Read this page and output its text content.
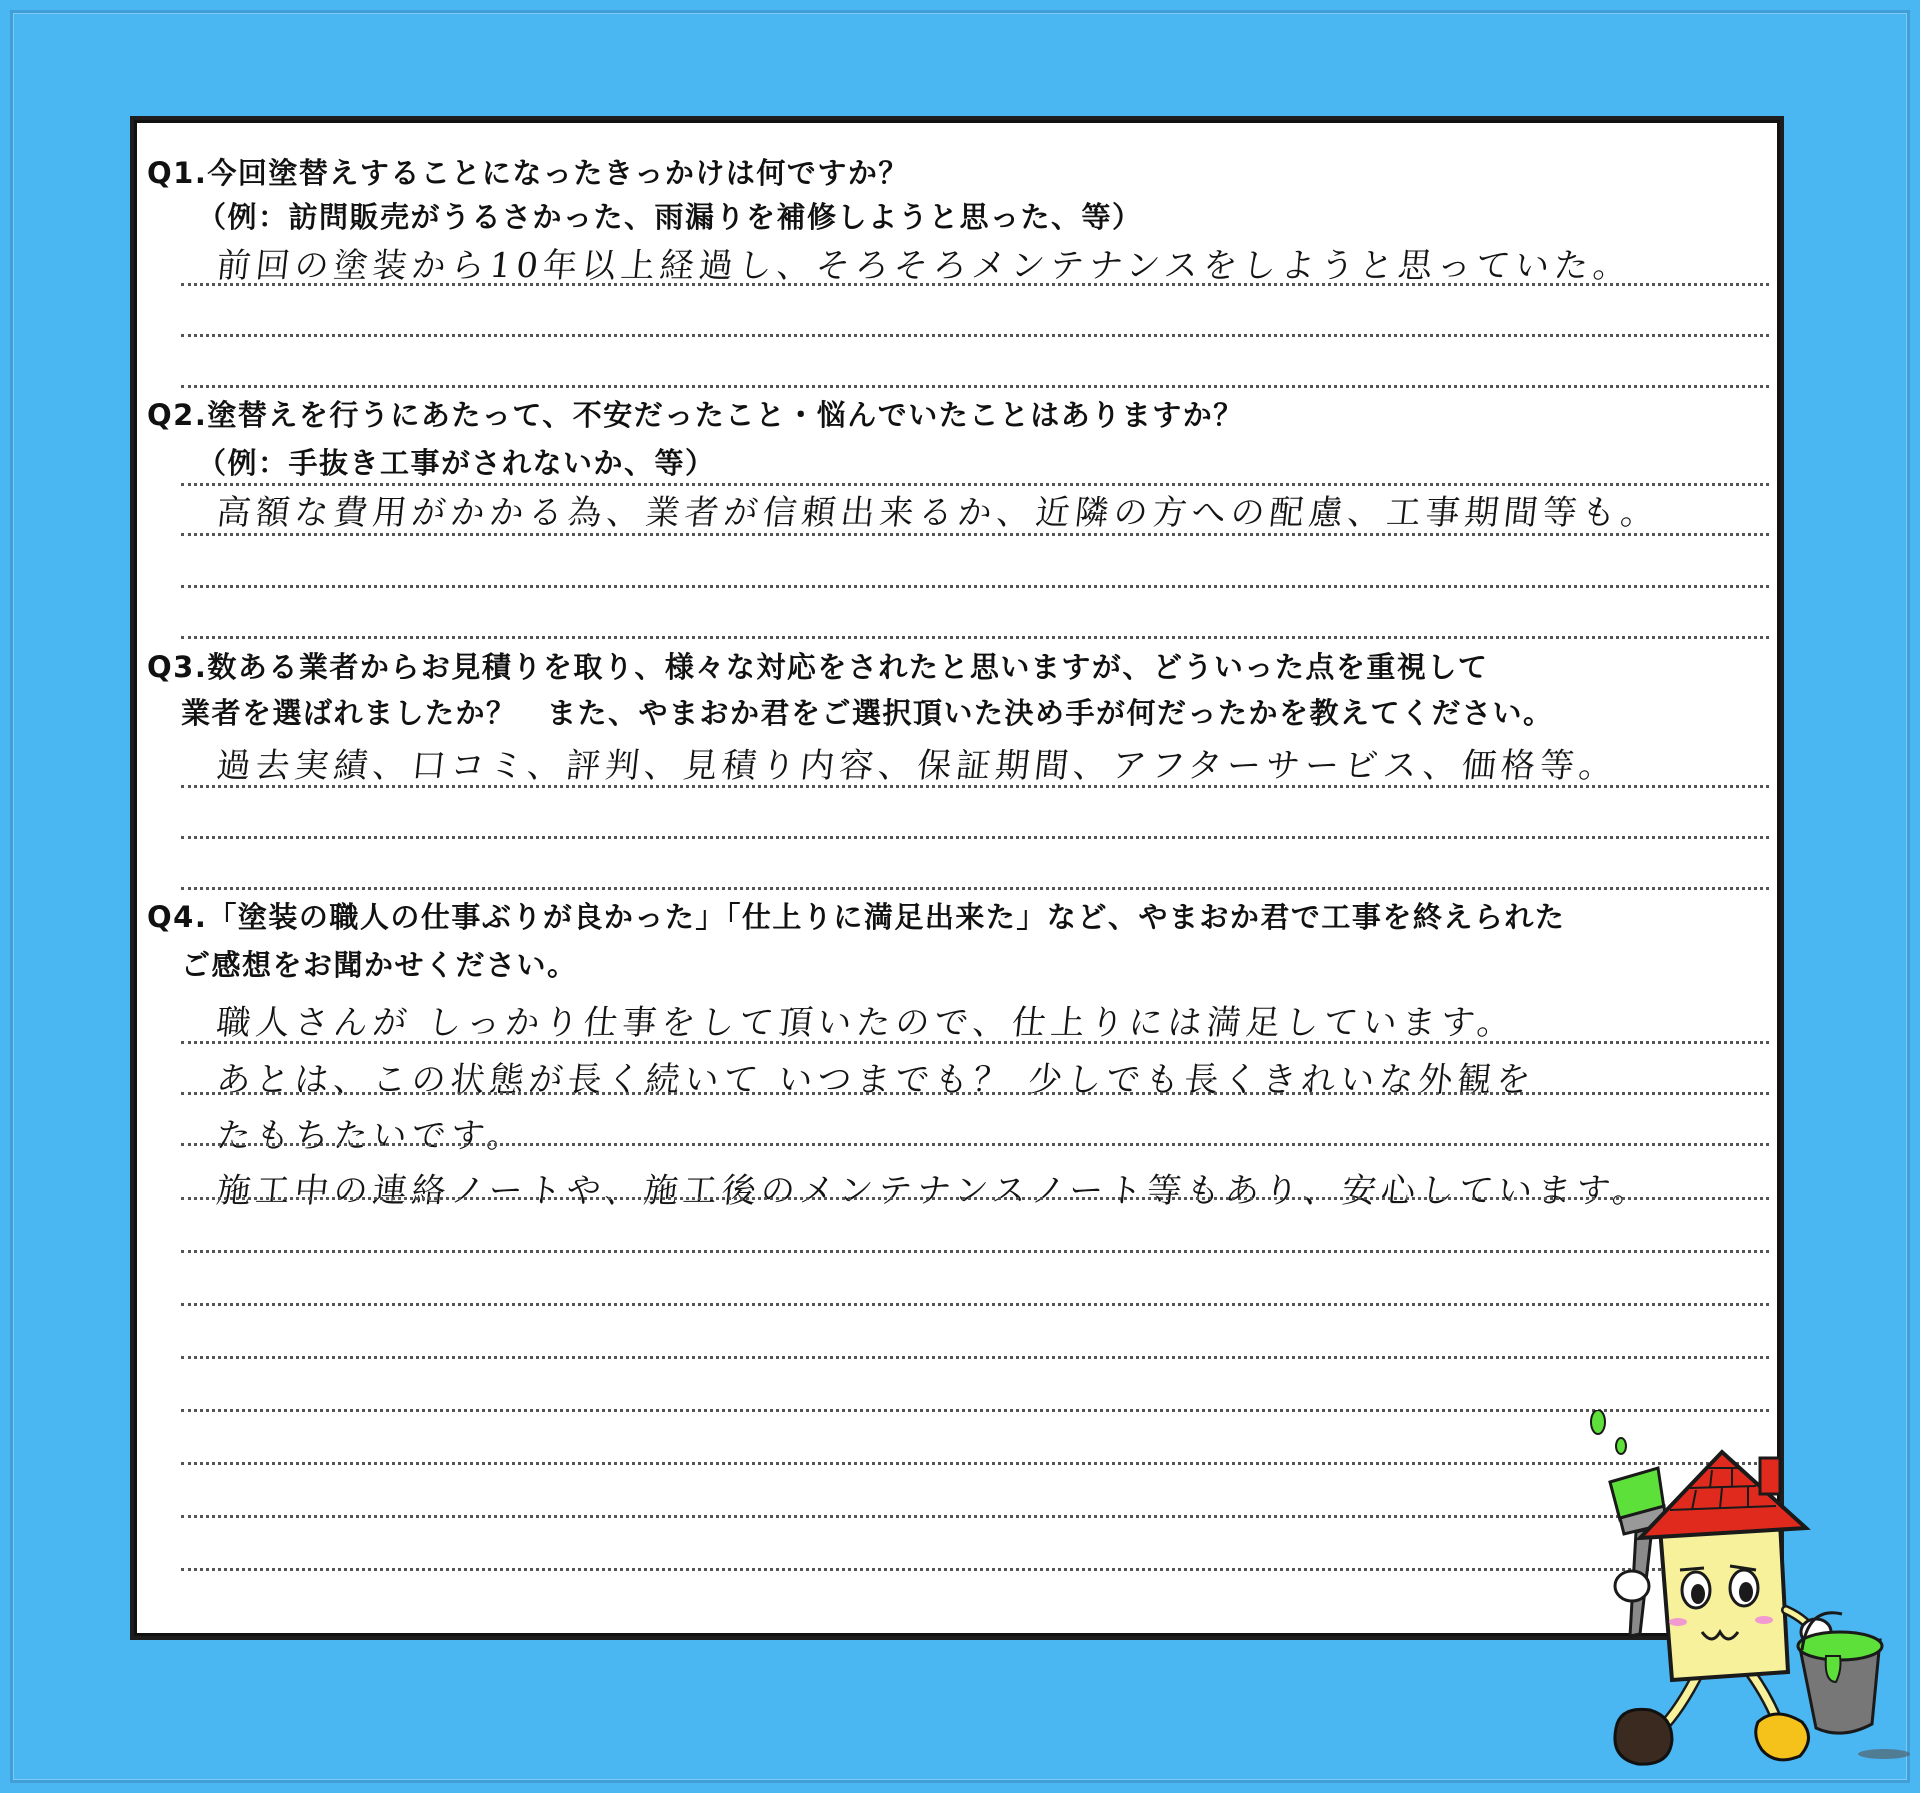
Q1.今回塗替えすることになったきっかけは何ですか？
（例：訪問販売がうるさかった、雨漏りを補修しようと思った、等）
前回の塗装から10年以上経過し、そろそろメンテナンスをしようと思っていた。
Q2.塗替えを行うにあたって、不安だったこと・悩んでいたことはありますか？
（例：手抜き工事がされないか、等）
高額な費用がかかる為、業者が信頼出来るか、近隣の方への配慮、工事期間等も。
Q3.数ある業者からお見積りを取り、様々な対応をされたと思いますが、どういった点を重視して
業者を選ばれましたか？　また、やまおか君をご選択頂いた決め手が何だったかを教えてください。
過去実績、口コミ、評判、見積り内容、保証期間、アフターサービス、価格等。
Q4.「塗装の職人の仕事ぶりが良かった」「仕上りに満足出来た」など、やまおか君で工事を終えられた
ご感想をお聞かせください。
職人さんが しっかり仕事をして頂いたので、仕上りには満足しています。
あとは、この状態が長く続いて いつまでも？ 少しでも長くきれいな外観を
たもちたいです。
施工中の連絡ノートや、施工後のメンテナンスノート等もあり、安心しています。
